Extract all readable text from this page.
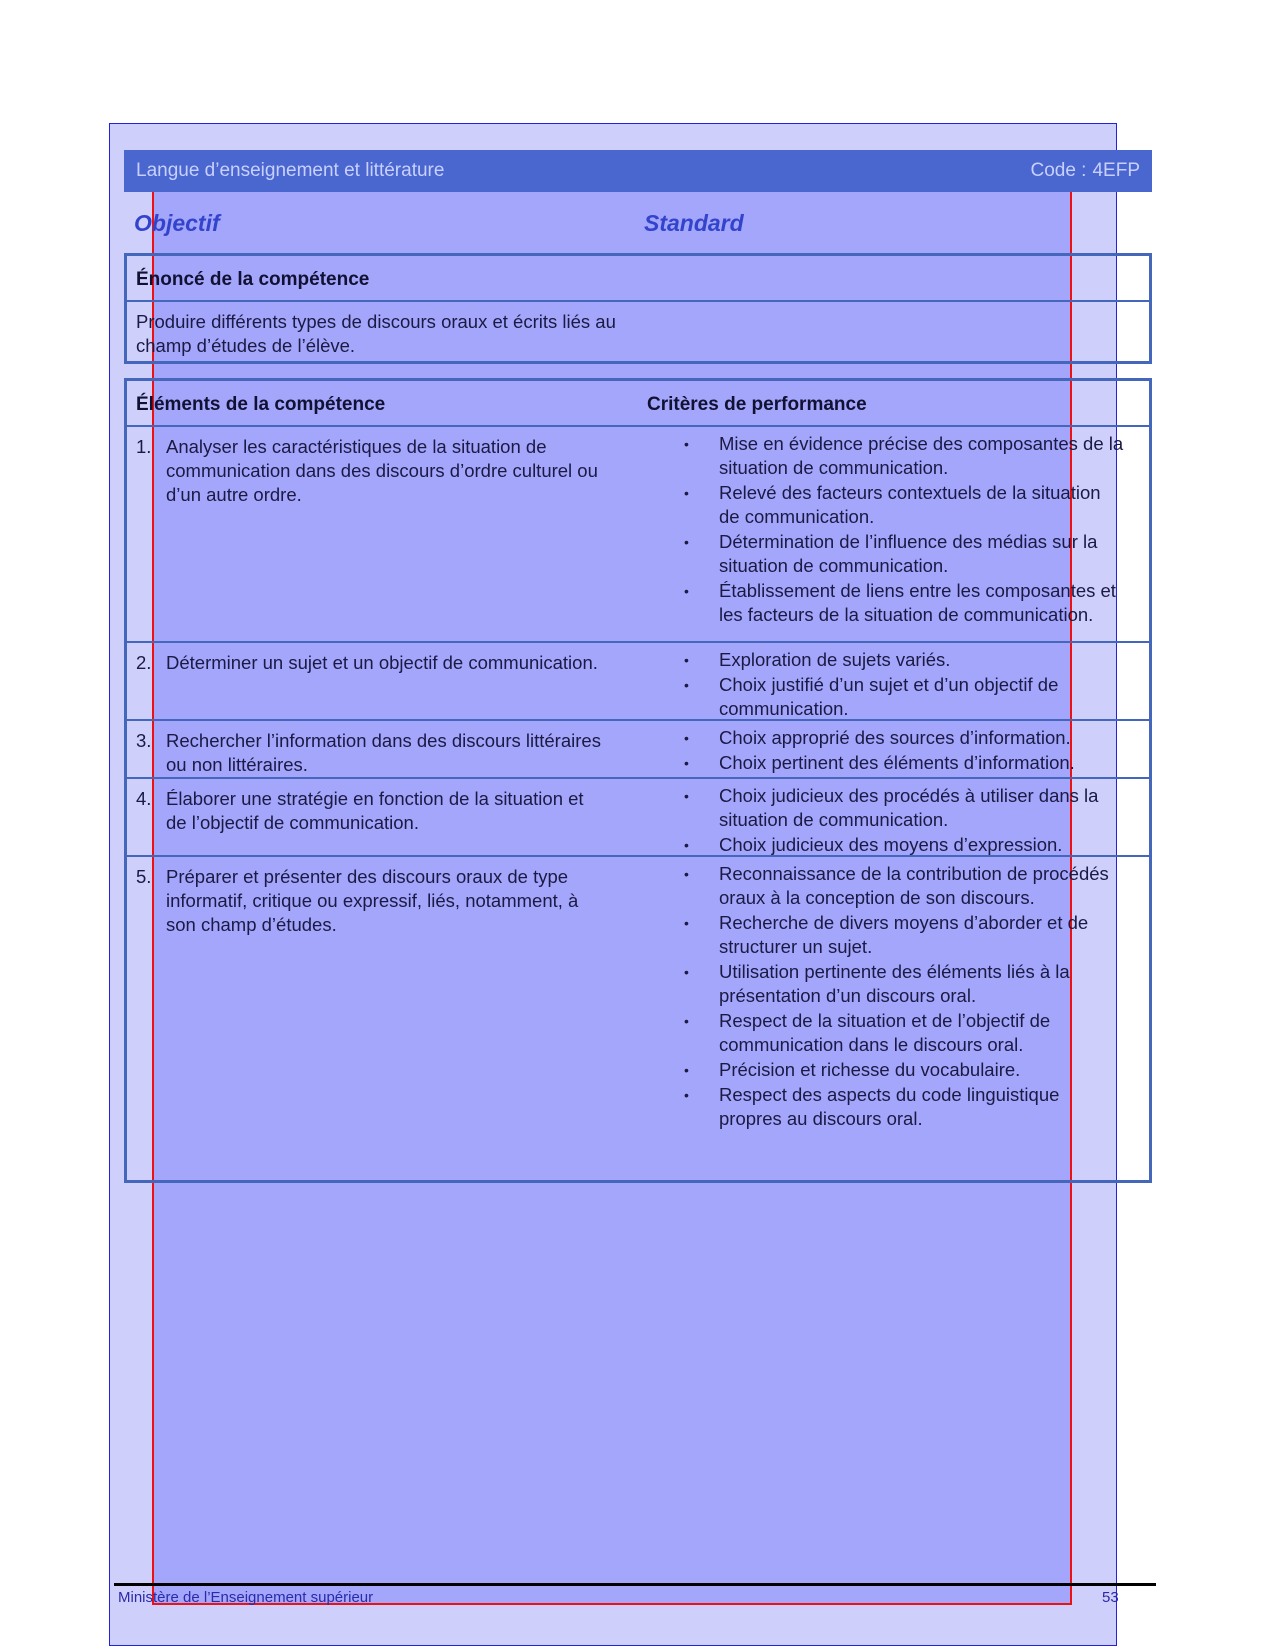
Langue d’enseignement et littérature	Code : 4EFP
Objectif	Standard
Énoncé de la compétence
Produire différents types de discours oraux et écrits liés au champ d’études de l’élève.
Éléments de la compétence	Critères de performance
1. Analyser les caractéristiques de la situation de communication dans des discours d’ordre culturel ou d’un autre ordre.
•	Mise en évidence précise des composantes de la situation de communication.
•	Relevé des facteurs contextuels de la situation de communication.
•	Détermination de l’influence des médias sur la situation de communication.
•	Établissement de liens entre les composantes et les facteurs de la situation de communication.
2. Déterminer un sujet et un objectif de communication.	•	Exploration de sujets variés.
•	Choix justifié d’un sujet et d’un objectif de communication.
3. Rechercher l’information dans des discours littéraires ou non littéraires.
•	Choix approprié des sources d’information.
•	Choix pertinent des éléments d’information.
4. Élaborer une stratégie en fonction de la situation et de l’objectif de communication.
•	Choix judicieux des procédés à utiliser dans la situation de communication.
•	Choix judicieux des moyens d’expression.
5. Préparer et présenter des discours oraux de type informatif, critique ou expressif, liés, notamment, à son champ d’études.
•	Reconnaissance de la contribution de procédés oraux à la conception de son discours.
•	Recherche de divers moyens d’aborder et de structurer un sujet.
•	Utilisation pertinente des éléments liés à la présentation d’un discours oral.
•	Respect de la situation et de l’objectif de communication dans le discours oral.
•	Précision et richesse du vocabulaire.
•	Respect des aspects du code linguistique propres au discours oral.
Ministère de l’Enseignement supérieur	53
